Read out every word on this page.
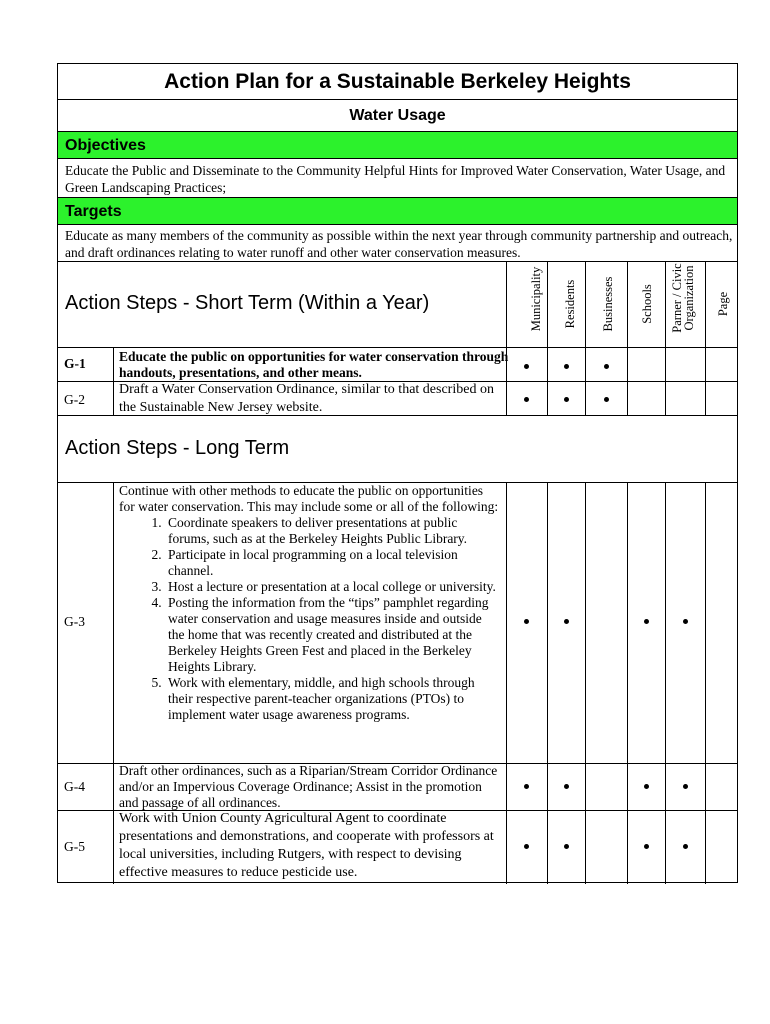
Action Plan for a Sustainable Berkeley Heights
Water Usage
Objectives
Educate the Public and Disseminate to the Community Helpful Hints for Improved Water Conservation, Water Usage, and Green Landscaping Practices;
Targets
Educate as many members of the community as possible within the next year through community partnership and outreach, and draft ordinances relating to water runoff and other water conservation measures.
Action Steps - Short Term (Within a Year)	Municipality Residents Businesses Schools Parner / Civic
Organization Page
G-1	Educate the public on opportunities for water conservation through handouts, presentations, and other means.
G-2
Draft a Water Conservation Ordinance, similar to that described on the Sustainable New Jersey website.
Action Steps - Long Term
G-3
Continue with other methods to educate the public on opportunities for water conservation. This may include some or all of the following:
1. Coordinate speakers to deliver presentations at public forums, such as at the Berkeley Heights Public Library.
2. Participate in local programming on a local television channel.
3. Host a lecture or presentation at a local college or university.
4. Posting the information from the “tips” pamphlet regarding water conservation and usage measures inside and outside the home that was recently created and distributed at the Berkeley Heights Green Fest and placed in the Berkeley Heights Library.
5. Work with elementary, middle, and high schools through their respective parent-teacher organizations (PTOs) to implement water usage awareness programs.
G-4
Draft other ordinances, such as a Riparian/Stream Corridor Ordinance and/or an Impervious Coverage Ordinance; Assist in the promotion and passage of all ordinances.
G-5
Work with Union County Agricultural Agent to coordinate presentations and demonstrations, and cooperate with professors at local universities, including Rutgers, with respect to devising effective measures to reduce pesticide use.
